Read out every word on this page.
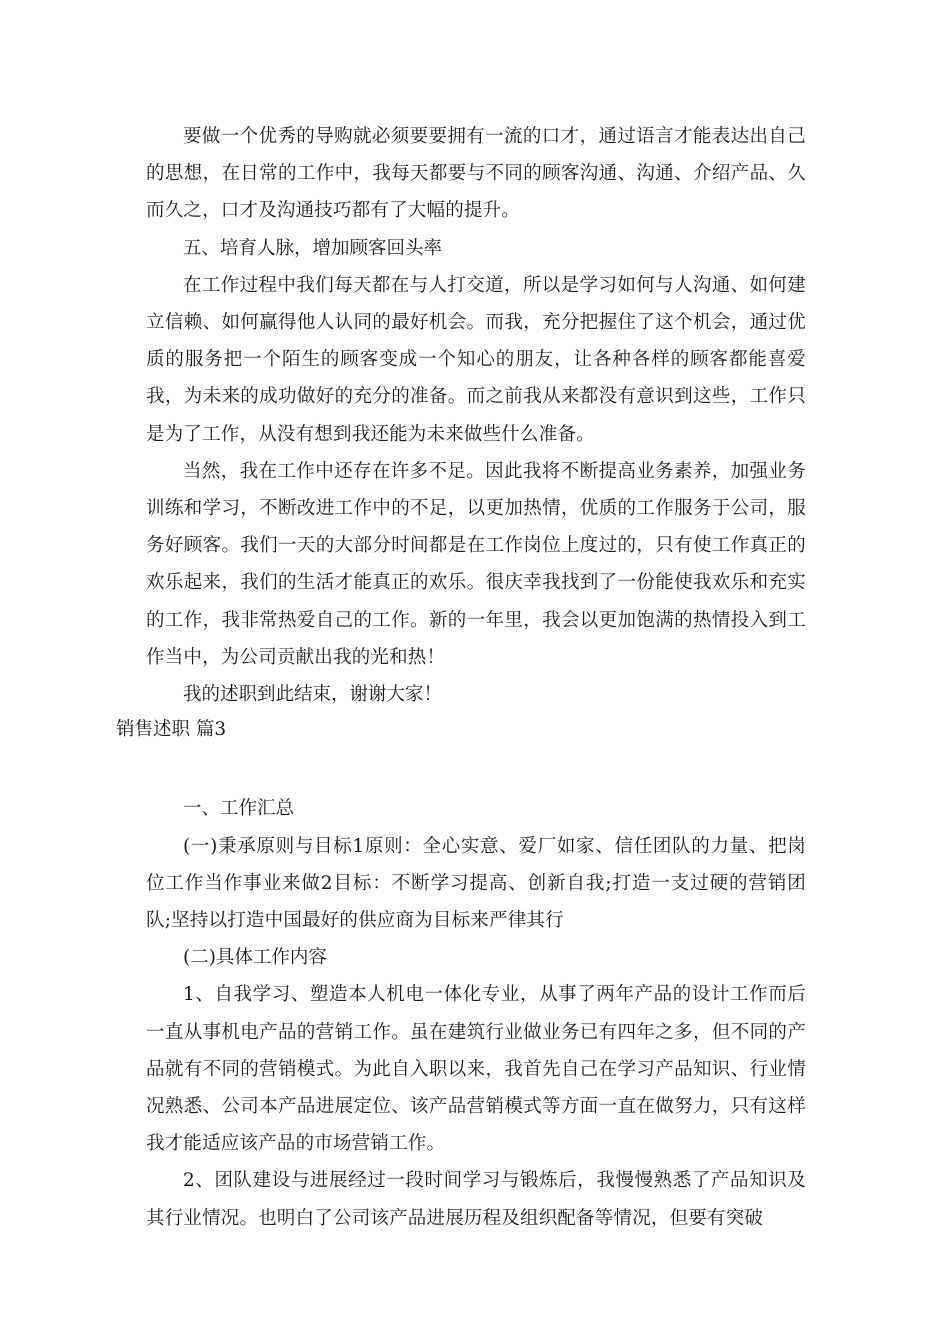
要做一个优秀的导购就必须要要拥有一流的口才，通过语言才能表达出自己的思想，在日常的工作中，我每天都要与不同的顾客沟通、沟通、介绍产品、久而久之，口才及沟通技巧都有了大幅的提升。

五、培育人脉，增加顾客回头率

在工作过程中我们每天都在与人打交道，所以是学习如何与人沟通、如何建立信赖、如何赢得他人认同的最好机会。而我，充分把握住了这个机会，通过优质的服务把一个陌生的顾客变成一个知心的朋友，让各种各样的顾客都能喜爱我，为未来的成功做好的充分的准备。而之前我从来都没有意识到这些，工作只是为了工作，从没有想到我还能为未来做些什么准备。

当然，我在工作中还存在许多不足。因此我将不断提高业务素养，加强业务训练和学习，不断改进工作中的不足，以更加热情，优质的工作服务于公司，服务好顾客。我们一天的大部分时间都是在工作岗位上度过的，只有使工作真正的欢乐起来，我们的生活才能真正的欢乐。很庆幸我找到了一份能使我欢乐和充实的工作，我非常热爱自己的工作。新的一年里，我会以更加饱满的热情投入到工作当中，为公司贡献出我的光和热！

我的述职到此结束，谢谢大家！

销售述职 篇3

一、工作汇总

(一)秉承原则与目标1原则：全心实意、爱厂如家、信任团队的力量、把岗位工作当作事业来做2目标：不断学习提高、创新自我;打造一支过硬的营销团队;坚持以打造中国最好的供应商为目标来严律其行

(二)具体工作内容

1、自我学习、塑造本人机电一体化专业，从事了两年产品的设计工作而后一直从事机电产品的营销工作。虽在建筑行业做业务已有四年之多，但不同的产品就有不同的营销模式。为此自入职以来，我首先自己在学习产品知识、行业情况熟悉、公司本产品进展定位、该产品营销模式等方面一直在做努力，只有这样我才能适应该产品的市场营销工作。

2、团队建设与进展经过一段时间学习与锻炼后，我慢慢熟悉了产品知识及其行业情况。也明白了公司该产品进展历程及组织配备等情况，但要有突破
